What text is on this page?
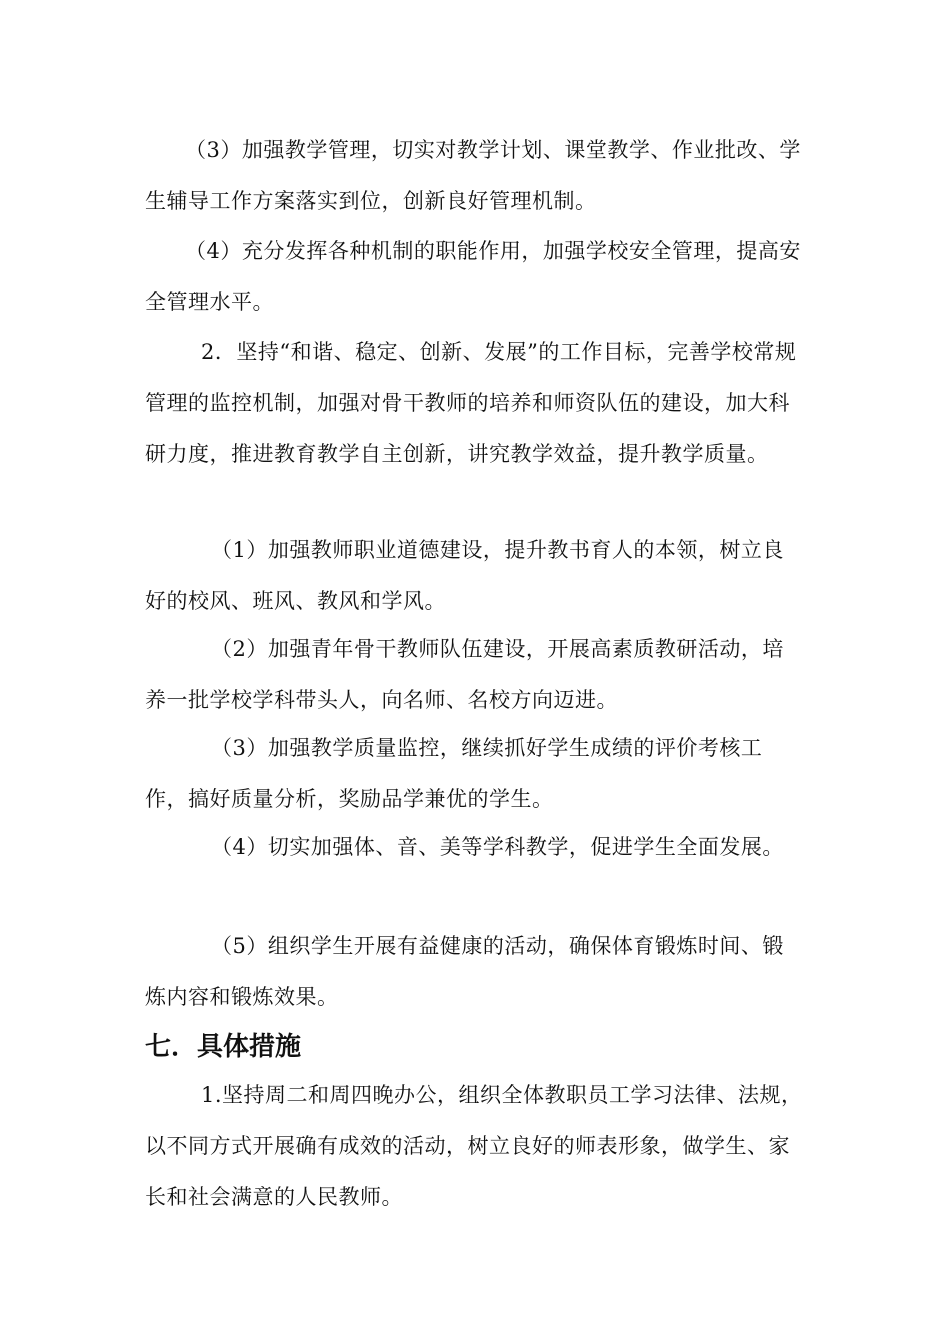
（3）加强教学管理，切实对教学计划、课堂教学、作业批改、学生辅导工作方案落实到位，创新良好管理机制。

（4）充分发挥各种机制的职能作用，加强学校安全管理，提高安全管理水平。

2．坚持“和谐、稳定、创新、发展”的工作目标，完善学校常规管理的监控机制，加强对骨干教师的培养和师资队伍的建设，加大科研力度，推进教育教学自主创新，讲究教学效益，提升教学质量。

（1）加强教师职业道德建设，提升教书育人的本领，树立良好的校风、班风、教风和学风。

（2）加强青年骨干教师队伍建设，开展高素质教研活动，培养一批学校学科带头人，向名师、名校方向迈进。

（3）加强教学质量监控，继续抓好学生成绩的评价考核工作，搞好质量分析，奖励品学兼优的学生。

（4）切实加强体、音、美等学科教学，促进学生全面发展。

（5）组织学生开展有益健康的活动，确保体育锻炼时间、锻炼内容和锻炼效果。

七．具体措施

1.坚持周二和周四晚办公，组织全体教职员工学习法律、法规，以不同方式开展确有成效的活动，树立良好的师表形象，做学生、家长和社会满意的人民教师。
